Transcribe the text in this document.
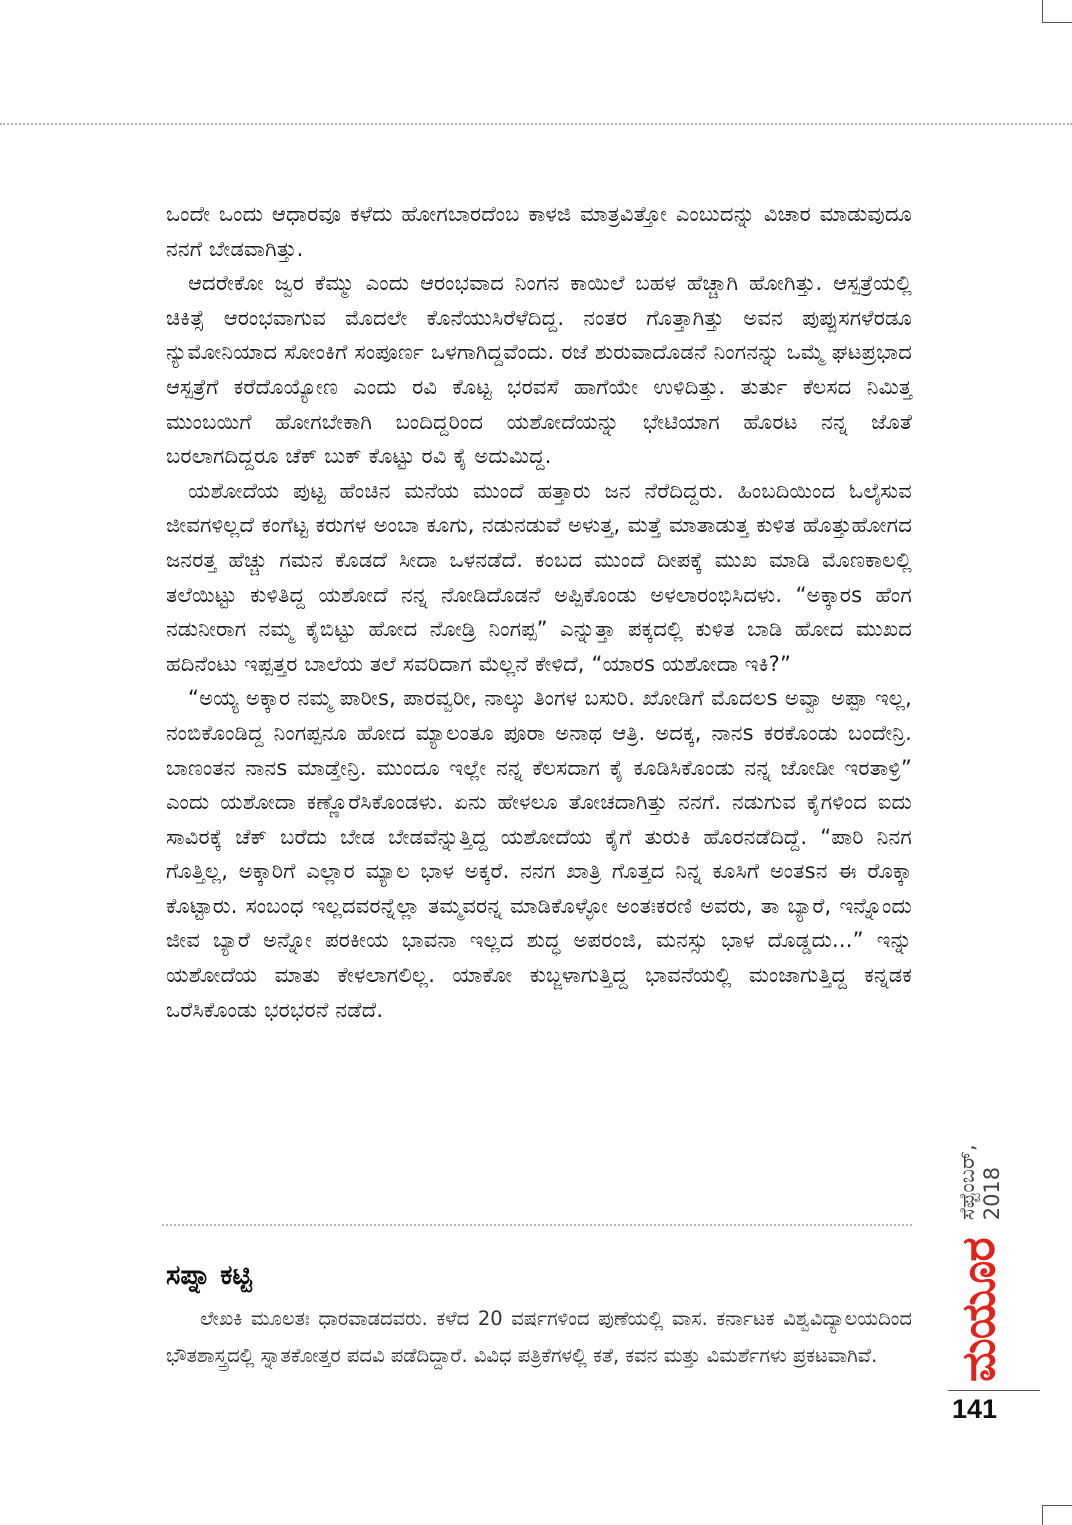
ಒಂದೇ ಒಂದು ಆಧಾರವೂ ಕಳೆದು ಹೋಗಬಾರದೆಂಬ ಕಾಳಜಿ ಮಾತ್ರವಿತ್ತೋ ಎಂಬುದನ್ನು ವಿಚಾರ ಮಾಡುವುದೂ ನನಗೆ ಬೇಡವಾಗಿತ್ತು.

ಆದರೇಕೋ ಜ್ವರ ಕೆಮ್ಮು ಎಂದು ಆರಂಭವಾದ ನಿಂಗನ ಕಾಯಿಲೆ ಬಹಳ ಹೆಚ್ಚಾಗಿ ಹೋಗಿತ್ತು. ಆಸ್ಪತ್ರೆಯಲ್ಲಿ ಚಿಕಿತ್ಸೆ ಆರಂಭವಾಗುವ ಮೊದಲೇ ಕೊನೆಯುಸಿರೆಳೆದಿದ್ದ. ನಂತರ ಗೊತ್ತಾಗಿತ್ತು ಅವನ ಪುಪ್ಪುಸಗಳೆರಡೂ ನ್ಯುಮೋನಿಯಾದ ಸೋಂಕಿಗೆ ಸಂಪೂರ್ಣ ಒಳಗಾಗಿದ್ದವೆಂದು. ರಜೆ ಶುರುವಾದೊಡನೆ ನಿಂಗನನ್ನು ಒಮ್ಮೆ ಘಟಪ್ರಭಾದ ಆಸ್ಪತ್ರೆಗೆ ಕರೆದೊಯ್ಯೋಣ ಎಂದು ರವಿ ಕೊಟ್ಟ ಭರವಸೆ ಹಾಗೆಯೇ ಉಳಿದಿತ್ತು. ತುರ್ತು ಕೆಲಸದ ನಿಮಿತ್ತ ಮುಂಬಯಿಗೆ ಹೋಗಬೇಕಾಗಿ ಬಂದಿದ್ದರಿಂದ ಯಶೋದೆಯನ್ನು ಭೇಟಿಯಾಗ ಹೊರಟ ನನ್ನ ಜೊತೆ ಬರಲಾಗದಿದ್ದರೂ ಚೆಕ್ ಬುಕ್ ಕೊಟ್ಟು ರವಿ ಕೈ ಅದುಮಿದ್ದ.

ಯಶೋದೆಯ ಪುಟ್ಟ ಹೆಂಚಿನ ಮನೆಯ ಮುಂದೆ ಹತ್ತಾರು ಜನ ನೆರೆದಿದ್ದರು. ಹಿಂಬದಿಯಿಂದ ಓಲೈಸುವ ಜೀವಗಳಿಲ್ಲದೆ ಕಂಗೆಟ್ಟ ಕರುಗಳ ಅಂಬಾ ಕೂಗು, ನಡುನಡುವೆ ಅಳುತ್ತ, ಮತ್ತೆ ಮಾತಾಡುತ್ತ ಕುಳಿತ ಹೊತ್ತುಹೋಗದ ಜನರತ್ತ ಹೆಚ್ಚು ಗಮನ ಕೊಡದೆ ಸೀದಾ ಒಳನಡೆದೆ. ಕಂಬದ ಮುಂದೆ ದೀಪಕ್ಕೆ ಮುಖ ಮಾಡಿ ಮೊಣಕಾಲಲ್ಲಿ ತಲೆಯಿಟ್ಟು ಕುಳಿತಿದ್ದ ಯಶೋದೆ ನನ್ನ ನೋಡಿದೊಡನೆ ಅಪ್ಪಿಕೊಂಡು ಅಳಲಾರಂಭಿಸಿದಳು. “ಅಕ್ಕಾರs ಹೆಂಗ ನಡುನೀರಾಗ ನಮ್ಮ ಕೈಬಿಟ್ಟು ಹೋದ ನೋಡ್ರಿ ನಿಂಗಪ್ಪ” ಎನ್ನುತ್ತಾ ಪಕ್ಕದಲ್ಲಿ ಕುಳಿತ ಬಾಡಿ ಹೋದ ಮುಖದ ಹದಿನೆಂಟು ಇಪ್ಪತ್ತರ ಬಾಲೆಯ ತಲೆ ಸವರಿದಾಗ ಮೆಲ್ಲನೆ ಕೇಳಿದೆ, “ಯಾರs ಯಶೋದಾ ಇಕಿ?”

“ಅಯ್ಯ ಅಕ್ಕಾರ ನಮ್ಮ ಪಾರೀs, ಪಾರವ್ವರೀ, ನಾಲ್ಕು ತಿಂಗಳ ಬಸುರಿ. ಖೋಡಿಗೆ ಮೊದಲs ಅವ್ವಾ ಅಪ್ಪಾ ಇಲ್ಲ, ನಂಬಿಕೊಂಡಿದ್ದ ನಿಂಗಪ್ಪನೂ ಹೋದ ಮ್ಯಾಲಂತೂ ಪೂರಾ ಅನಾಥ ಆತ್ರಿ. ಅದಕ್ಕ, ನಾನs ಕರಕೊಂಡು ಬಂದೇನ್ರಿ. ಬಾಣಂತನ ನಾನs ಮಾಡ್ತೇನ್ರಿ. ಮುಂದೂ ಇಲ್ಲೇ ನನ್ನ ಕೆಲಸದಾಗ ಕೈ ಕೂಡಿಸಿಕೊಂಡು ನನ್ನ ಜೋಡೀ ಇರತಾಳ್ರಿ” ಎಂದು ಯಶೋದಾ ಕಣ್ಣೊರೆಸಿಕೊಂಡಳು. ಏನು ಹೇಳಲೂ ತೋಚದಾಗಿತ್ತು ನನಗೆ. ನಡುಗುವ ಕೈಗಳಿಂದ ಐದು ಸಾವಿರಕ್ಕೆ ಚೆಕ್ ಬರೆದು ಬೇಡ ಬೇಡವೆನ್ನುತ್ತಿದ್ದ ಯಶೋದೆಯ ಕೈಗೆ ತುರುಕಿ ಹೊರನಡೆದಿದ್ದೆ. “ಪಾರಿ ನಿನಗ ಗೊತ್ತಿಲ್ಲ, ಅಕ್ಕಾರಿಗೆ ಎಲ್ಲಾರ ಮ್ಯಾಲ ಭಾಳ ಅಕ್ಕರೆ. ನನಗ ಖಾತ್ರಿ ಗೊತ್ತದ ನಿನ್ನ ಕೂಸಿಗೆ ಅಂತsನ ಈ ರೊಕ್ಕಾ ಕೊಟ್ಟಾರು. ಸಂಬಂಧ ಇಲ್ಲದವರನ್ನೆಲ್ಲಾ ತಮ್ಮವರನ್ನ ಮಾಡಿಕೊಳ್ಳೋ ಅಂತಃಕರಣಿ ಅವರು, ತಾ ಬ್ಯಾರೆ, ಇನ್ನೊಂದು ಜೀವ ಬ್ಯಾರೆ ಅನ್ನೋ ಪರಕೀಯ ಭಾವನಾ ಇಲ್ಲದ ಶುದ್ಧ ಅಪರಂಜಿ, ಮನಸ್ಸು ಭಾಳ ದೊಡ್ಡದು...” ಇನ್ನು ಯಶೋದೆಯ ಮಾತು ಕೇಳಲಾಗಲಿಲ್ಲ. ಯಾಕೋ ಕುಬ್ಜಳಾಗುತ್ತಿದ್ದ ಭಾವನೆಯಲ್ಲಿ ಮಂಜಾಗುತ್ತಿದ್ದ ಕನ್ನಡಕ ಒರೆಸಿಕೊಂಡು ಭರಭರನೆ ನಡೆದೆ.

ಸಪ್ನಾ ಕಟ್ಟಿ

ಲೇಖಕಿ ಮೂಲತಃ ಧಾರವಾಡದವರು. ಕಳೆದ 20 ವರ್ಷಗಳಿಂದ ಪುಣೆಯಲ್ಲಿ ವಾಸ. ಕರ್ನಾಟಕ ವಿಶ್ವವಿದ್ಯಾಲಯದಿಂದ ಭೌತಶಾಸ್ತ್ರದಲ್ಲಿ ಸ್ನಾತಕೋತ್ತರ ಪದವಿ ಪಡೆದಿದ್ದಾರೆ. ವಿವಿಧ ಪತ್ರಿಕೆಗಳಲ್ಲಿ ಕತೆ, ಕವನ ಮತ್ತು ವಿಮರ್ಶೆಗಳು ಪ್ರಕಟವಾಗಿವೆ.	ಮಯೂರ
ಸೆಪ್ಟೆಂಬರ್, 2018
141
